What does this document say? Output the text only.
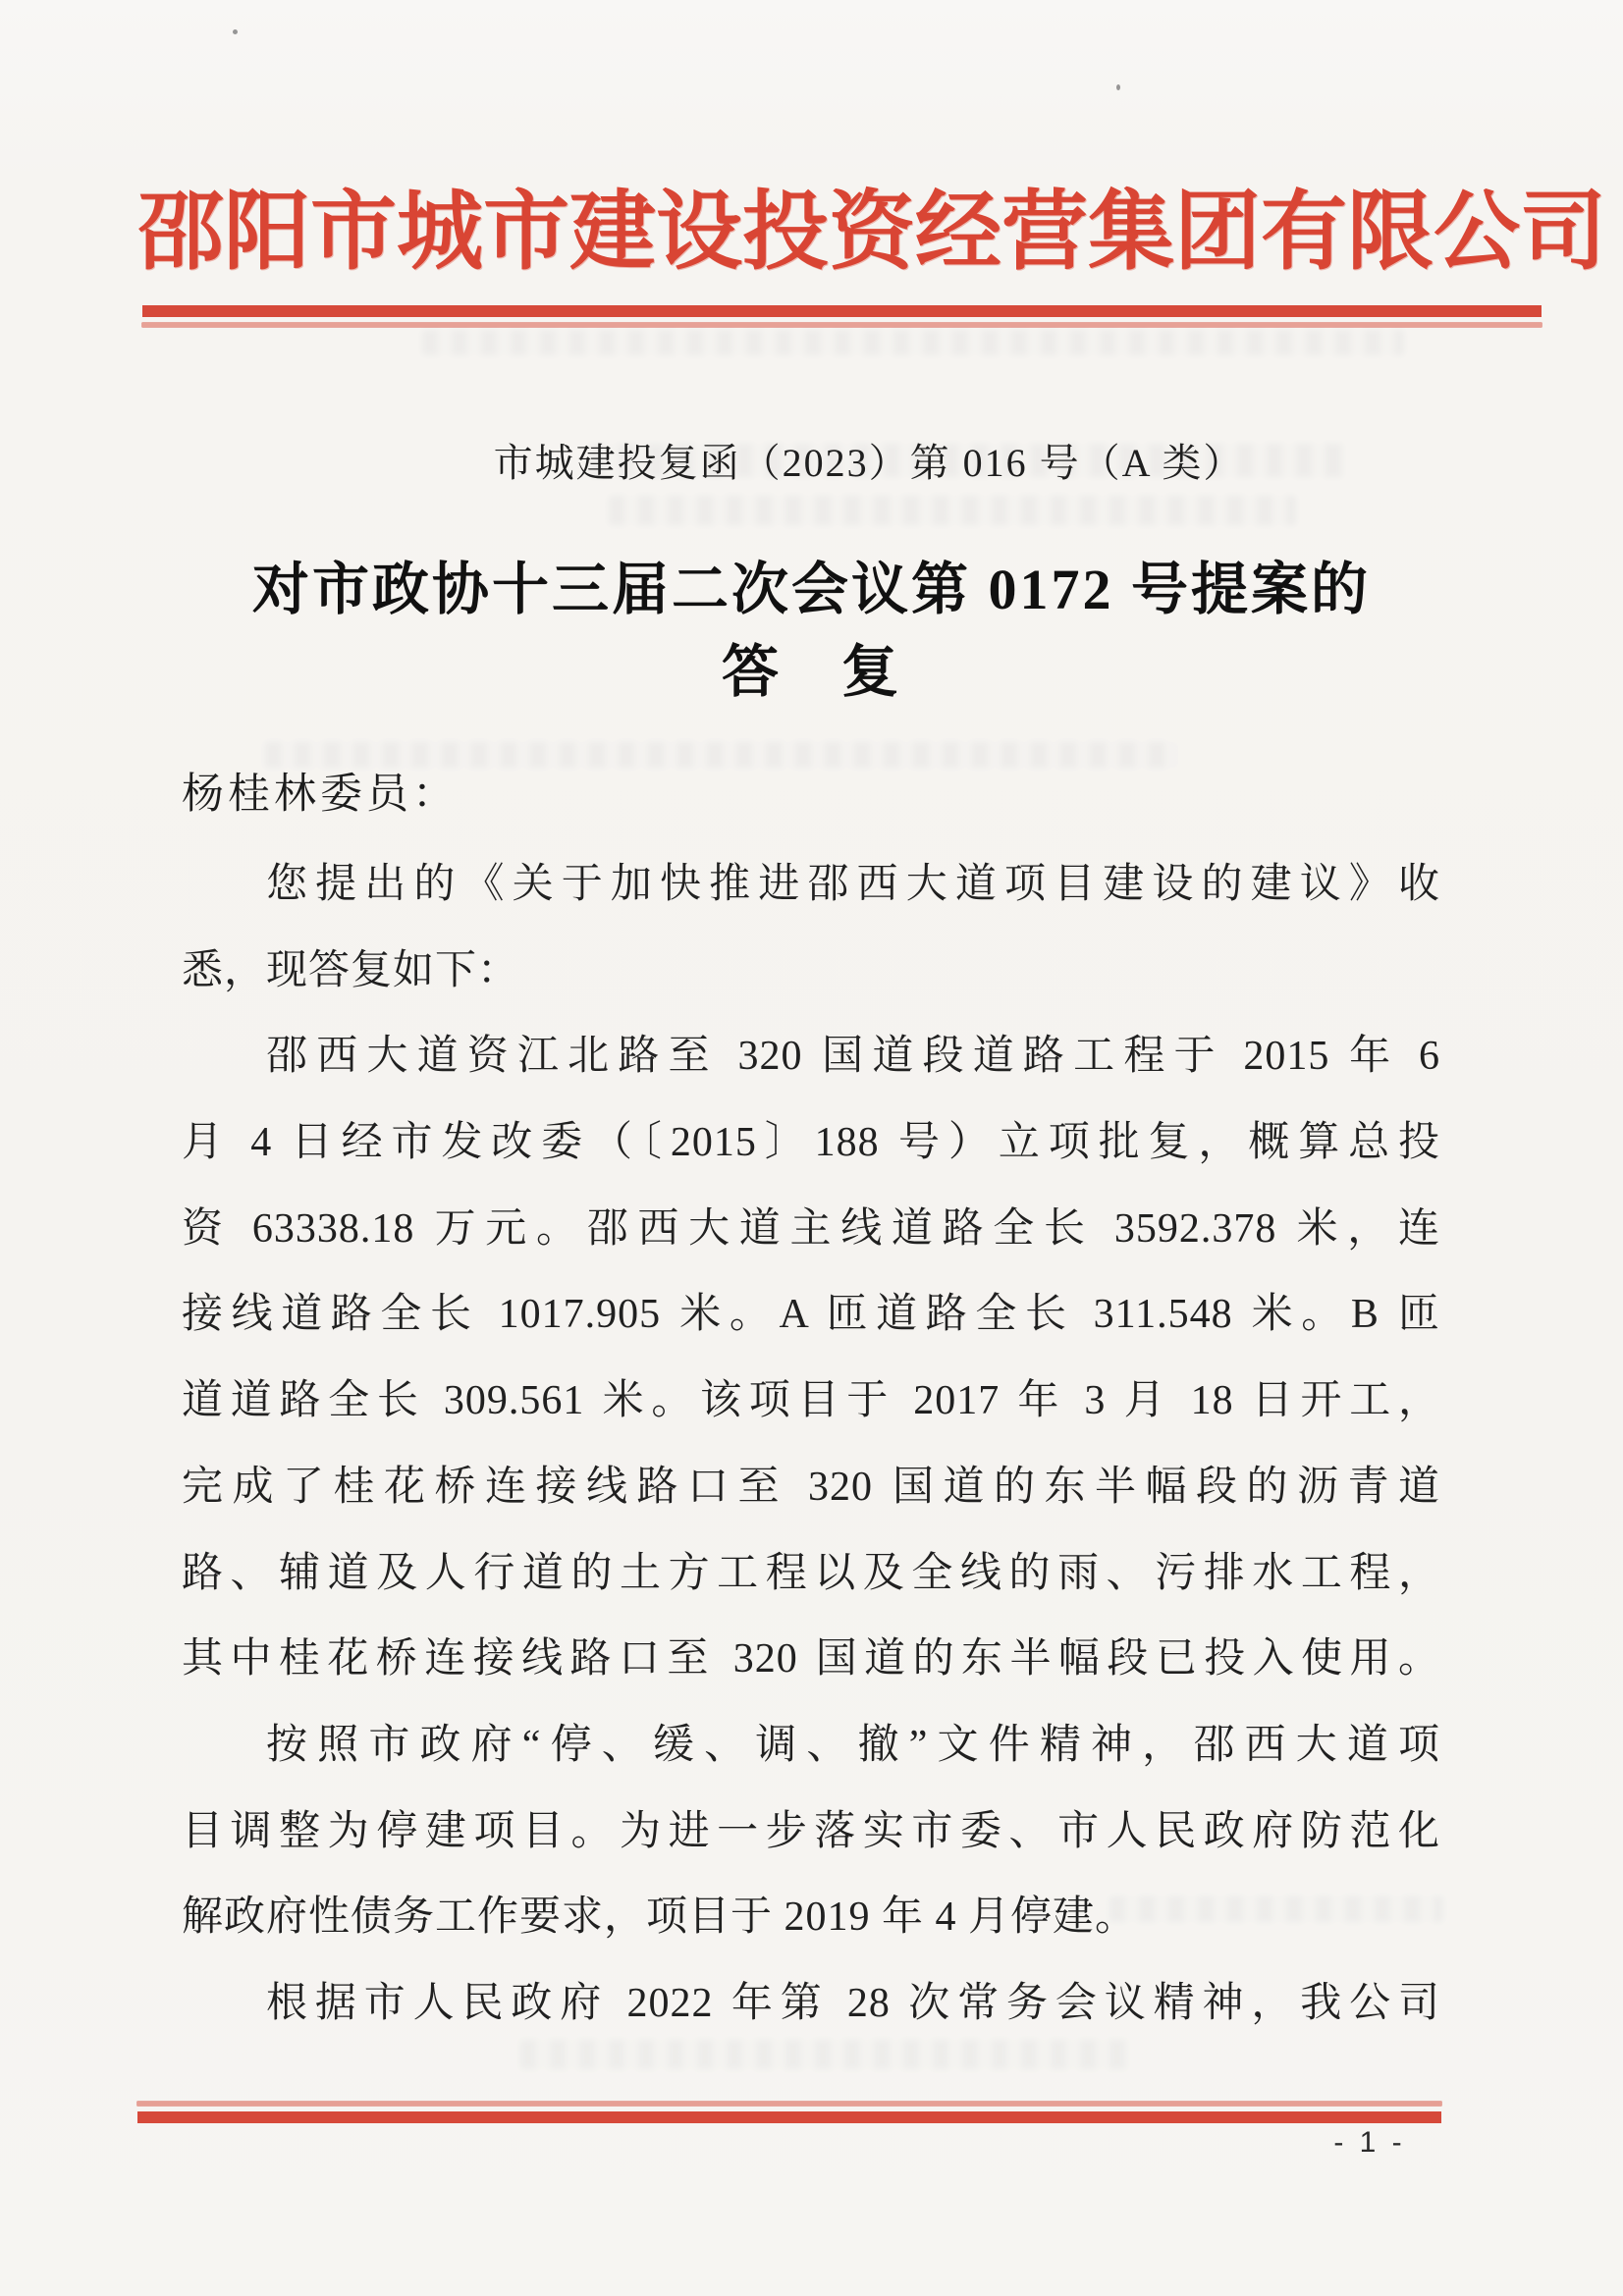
邵阳市城市建设投资经营集团有限公司
市城建投复函（2023）第 016 号（A 类）
对市政协十三届二次会议第 0172 号提案的
答　复
杨桂林委员：
您提出的《关于加快推进邵西大道项目建设的建议》收
悉，现答复如下：
邵西大道资江北路至 320 国道段道路工程于 2015 年 6
月 4 日经市发改委（〔2015〕188 号）立项批复，概算总投
资 63338.18 万元。邵西大道主线道路全长 3592.378 米，连
接线道路全长 1017.905 米。A 匝道路全长 311.548 米。B 匝
道道路全长 309.561 米。该项目于 2017 年 3 月 18 日开工，
完成了桂花桥连接线路口至 320 国道的东半幅段的沥青道
路、辅道及人行道的土方工程以及全线的雨、污排水工程，
其中桂花桥连接线路口至 320 国道的东半幅段已投入使用。
按照市政府“停、缓、调、撤”文件精神，邵西大道项
目调整为停建项目。为进一步落实市委、市人民政府防范化
解政府性债务工作要求，项目于 2019 年 4 月停建。
根据市人民政府 2022 年第 28 次常务会议精神，我公司
- 1 -
